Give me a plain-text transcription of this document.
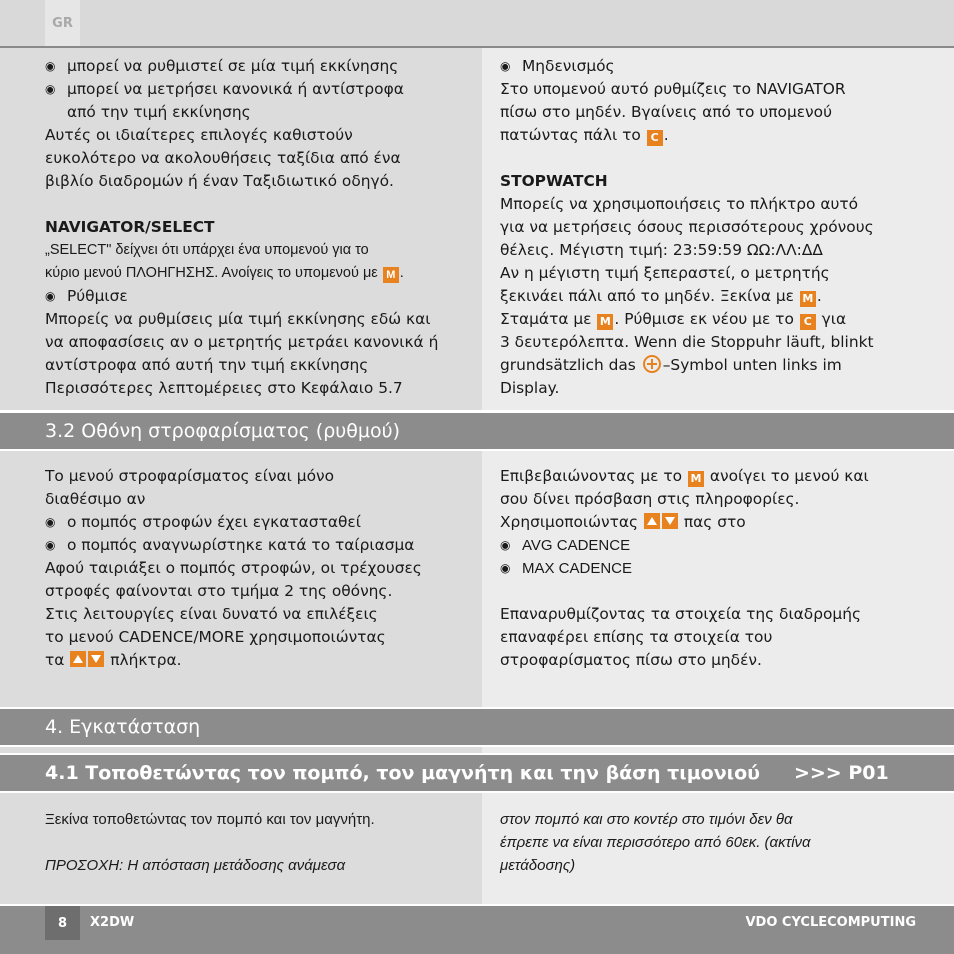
GR
◉ μπορεί να ρυθμιστεί σε μία τιμή εκκίνησης
◉ μπορεί να μετρήσει κανονικά ή αντίστροφα

από την τιμή εκκίνησης

Αυτές οι ιδιαίτερες επιλογές καθιστούν

ευκολότερο να ακολουθήσεις ταξίδια από ένα

βιβλίο διαδρομών ή έναν Ταξιδιωτικό οδηγό.

NAVIGATOR/SELECT

„SELECT" δείχνει ότι υπάρχει ένα υπομενού για το

κύριο μενού ΠΛΟΗΓΗΣΗΣ. Ανοίγεις το υπομενού με M .

◉ Ρύθμισε

Μπορείς να ρυθμίσεις μία τιμή εκκίνησης εδώ και

να αποφασίσεις αν ο μετρητής μετράει κανονικά ή

αντίστροφα από αυτή την τιμή εκκίνησης

Περισσότερες λεπτομέρειες στο Κεφάλαιο 5.7

◉ Μηδενισμός

Στο υπομενού αυτό ρυθμίζεις το NAVIGATOR

πίσω στο μηδέν. Βγαίνεις από το υπομενού

πατώντας πάλι το C .

STOPWATCH

Μπορείς να χρησιμοποιήσεις το πλήκτρο αυτό

για να μετρήσεις όσους περισσότερους χρόνους

θέλεις. Μέγιστη τιμή: 23:59:59 ΩΩ:ΛΛ:ΔΔ

Αν η μέγιστη τιμή ξεπεραστεί, ο μετρητής

ξεκινάει πάλι από το μηδέν. Ξεκίνα με M .

Σταμάτα με M . Ρύθμισε εκ νέου με το C για

3 δευτερόλεπτα. Wenn die Stoppuhr läuft, blinkt

grundsätzlich das –Symbol unten links im

Display.

3.2 Οθόνη στροφαρίσματος (ρυθμού)

Το μενού στροφαρίσματος είναι μόνο

διαθέσιμο αν

◉ ο πομπός στροφών έχει εγκατασταθεί
◉ ο πομπός αναγνωρίστηκε κατά το ταίριασμα

Αφού ταιριάξει ο πομπός στροφών, οι τρέχουσες

στροφές φαίνονται στο τμήμα 2 της οθόνης.

Στις λειτουργίες είναι δυνατό να επιλέξεις

το μενού CADENCE/MORE χρησιμοποιώντας

τα	πλήκτρα.

Επιβεβαιώνοντας με το M ανοίγει το μενού και

σου δίνει πρόσβαση στις πληροφορίες.

Χρησιμοποιώντας	πας στο

◉ AVG CADENCE
◉ MAX CADENCE

Επαναρυθμίζοντας τα στοιχεία της διαδρομής

επαναφέρει επίσης τα στοιχεία του

στροφαρίσματος πίσω στο μηδέν.

4. Εγκατάσταση
4.1 Τοποθετώντας τον πομπό, τον μαγνήτη και την βάση τιμονιού >>> P01

Ξεκίνα τοποθετώντας τον πομπό και τον μαγνήτη.

ΠΡΟΣΟΧΗ: Η απόσταση μετάδοσης ανάμεσα

στον πομπό και στο κοντέρ στο τιμόνι δεν θα

έπρεπε να είναι περισσότερο από 60εκ. (ακτίνα

μετάδοσης)

8	X2DW	VDO CYCLECOMPUTING
